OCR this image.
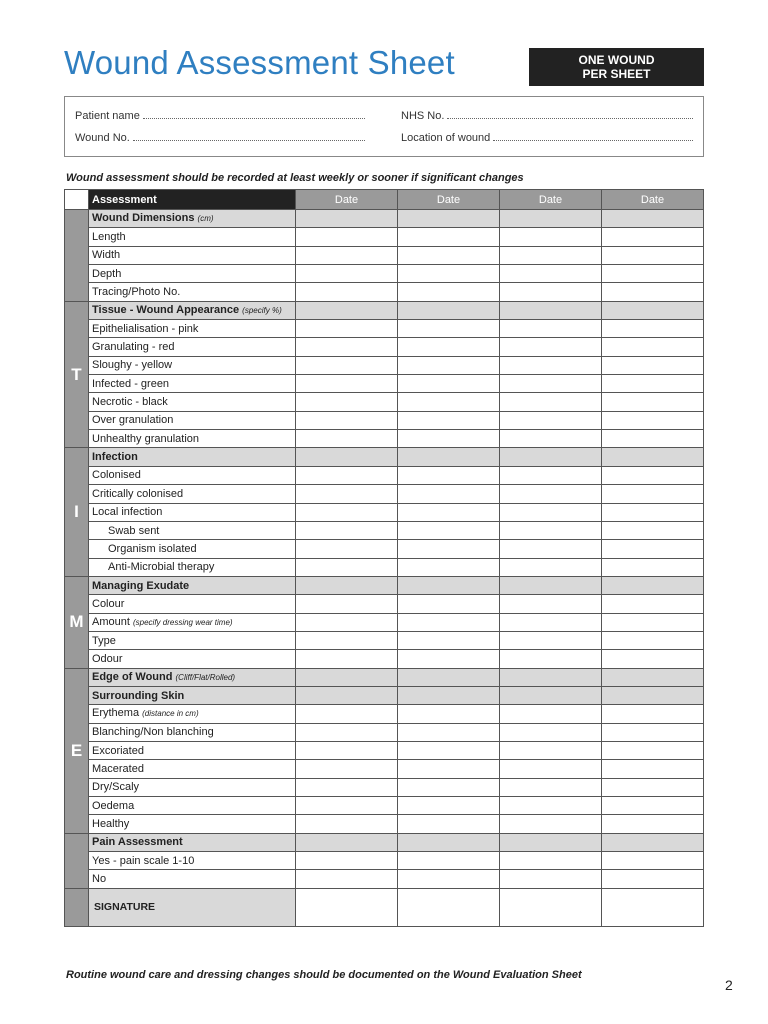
Wound Assessment Sheet	ONE WOUND
PER SHEET
Patient name	NHS No.
Wound No.	Location of wound
Wound assessment should be recorded at least weekly or sooner if significant changes
	Assessment	Date	Date	Date	Date
	Wound Dimensions (cm)				
	Length				
	Width				
	Depth				
	Tracing/Photo No.				
T	Tissue - Wound Appearance (specify %)				
	Epithelialisation - pink				
	Granulating - red				
	Sloughy - yellow				
	Infected - green				
	Necrotic - black				
	Over granulation				
	Unhealthy granulation				
I	Infection				
	Colonised				
	Critically colonised				
	Local infection				
	Swab sent				
	Organism isolated				
	Anti-Microbial therapy				
M	Managing Exudate				
	Colour				
	Amount (specify dressing wear time)				
	Type				
	Odour				
E	Edge of Wound (Cliff/Flat/Rolled)				
	Surrounding Skin				
	Erythema (distance in cm)				
	Blanching/Non blanching				
	Excoriated				
	Macerated				
	Dry/Scaly				
	Oedema				
	Healthy				
	Pain Assessment				
	Yes - pain scale 1-10				
	No				
	SIGNATURE				
Routine wound care and dressing changes should be documented on the Wound Evaluation Sheet
2
